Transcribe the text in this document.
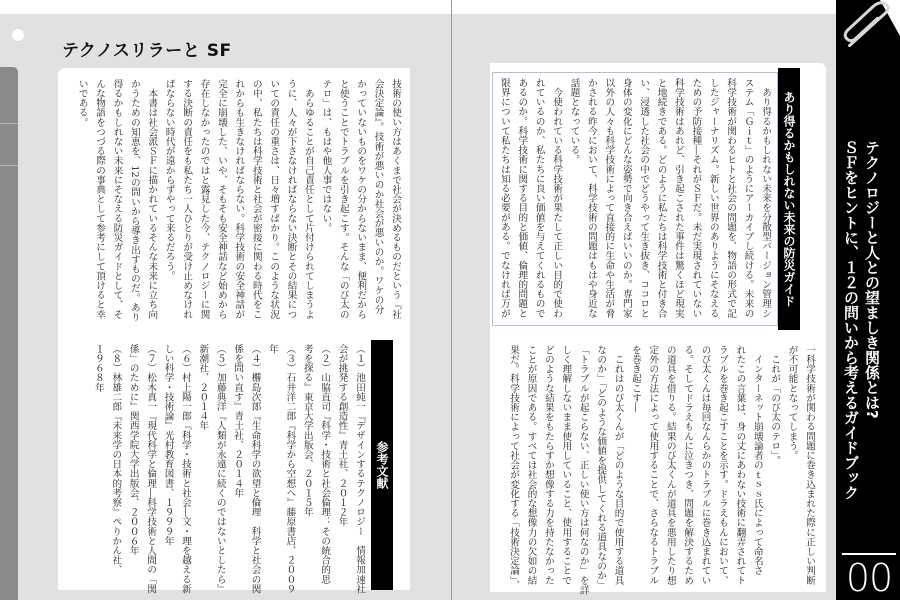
テクノスリラーと SF
技術の使い方はあくまで社会が決めるものだという『社
会決定論』。技術が悪いのか社会が悪いのか。ワケの分
かっていないものをワケの分からないまま、便利だから
と使うことでトラブルを引き起こす。そんな「のび太の
テロ」は、もはや他人事ではない。
　あらゆることが自己責任として片付けられてしまうよ
うに、人々が下さなければならない決断とその結果につ
いての責任の重さは、日々増すばかり。このような状況
の中、私たちは科学技術と社会が密接に関わる時代をこ
れからも生きなければならない。科学技術の安全神話が
完全に崩壊した、いや、そもそも安全神話など始めから
存在しなかったのではと露見した今、テクノロジーに関
する決断の責任をも私たち一人ひとりが受け止めなけれ
ばならない時代が遠からずやって来るだろう。
　本書は社会派ＳＦに描かれているそんな未来に立ち向
かうための知恵を、12の問いから導き出すものだ。あり
得るかもしれない未来にそなえる防災ガイドとして、そ
んな物語をつづる際の事典として参考にして頂けると幸
いである。
参考文献
（１）池田純一『デザインするテクノロジー　情報加速社
会が挑発する創造性』青土社、２０１２年
（２）山脇直司『科学・技術と社会倫理：その統合的思
考を探る』東京大学出版会、２０１５年
（３）石井洋二郎『科学から空想へ』藤原書店、２００９
年
（４）橳島次郎『生命科学の欲望と倫理　科学と社会の関
係を問い直す』青土社、２０１４年
（５）加藤典洋『人類が永遠に続くのではないとしたら』
新潮社、２０１４年
（６）村上陽一郎『科学・技術と社会―文・理を越える新
しい科学・技術論』光村教育図書、１９９９年
（７）松木真一『現代科学と倫理―科学技術と人間の「関
係」のために』関西学院大学出版会、２００６年
（８）林雄二郎『未来学の日本的考察』ぺりかん社、
１９６８年
あり得るかもしれない未来の防災ガイド
　あり得るかもしれない未来を分散型バージョン管理シ
ステム「Ｇｉｔ」のようにアーカイブし続ける。未来の
科学技術が関わるヒトと社会の問題を、物語の形式で記
したジャーナリズム。新しい世界のありようにそなえる
ための予防接種―それがＳＦだ。未だ実現されていない
科学技術はあれど、引き起こされた事件は驚くほど現実
と地続きである。どのように私たちは科学技術と付き合
い、浸透した社会の中でどうやって生き抜き、ココロと
身体の変化にどんな姿勢で向き合えばいいのか。専門家
以外の人々も科学技術によって直接的に生命や生活が脅
かされる昨今において、科学技術の問題はもはや身近な
話題となっている。
　今使われている科学技術が果たして正しい目的で使わ
れているのか、私たちに良い価値を与えてくれるもので
あるのか。科学技術に関する目的と価値、倫理的問題と
限界について私たちは知る必要がある。でなければ万が
一科学技術が関わる問題に巻き込まれた際に正しい判断
が不可能となってしまう。
　これが「のび太のテロ」。
　インターネット崩壊論者のｔｓｓ氏によって命名さ
れたこの言葉は、身の丈にあわない技術に翻弄されてト
ラブルを巻き起こすことを示す。ドラえもんにおいて、
のび太くんは毎回なんらかのトラブルに巻き込まれてい
る。そしてドラえもんに泣きつき、問題を解決するため
の道具を借りる。結果のび太くんが道具を悪用したり想
定外の方法によって使用することで、さらなるトラブル
を巻き起こす―
　これはのび太くんが「どのような目的で使用する道具
なのか」「どのような価値を提供してくれる道具なのか」
「トラブルが起こらない、正しい使い方は何なのか」を詳
しく理解しないまま使用していること、使用することで
どのような結果をもたらすか想像する力を持たなかった
ことが原因である。すべては社会的な想像力の欠如の結
果だ。科学技術によって社会が変化する「技術決定論」、
テクノロジーと人との望ましき関係とは?
ＳＦをヒントに、１２の問いから考えるガイドブック
00
